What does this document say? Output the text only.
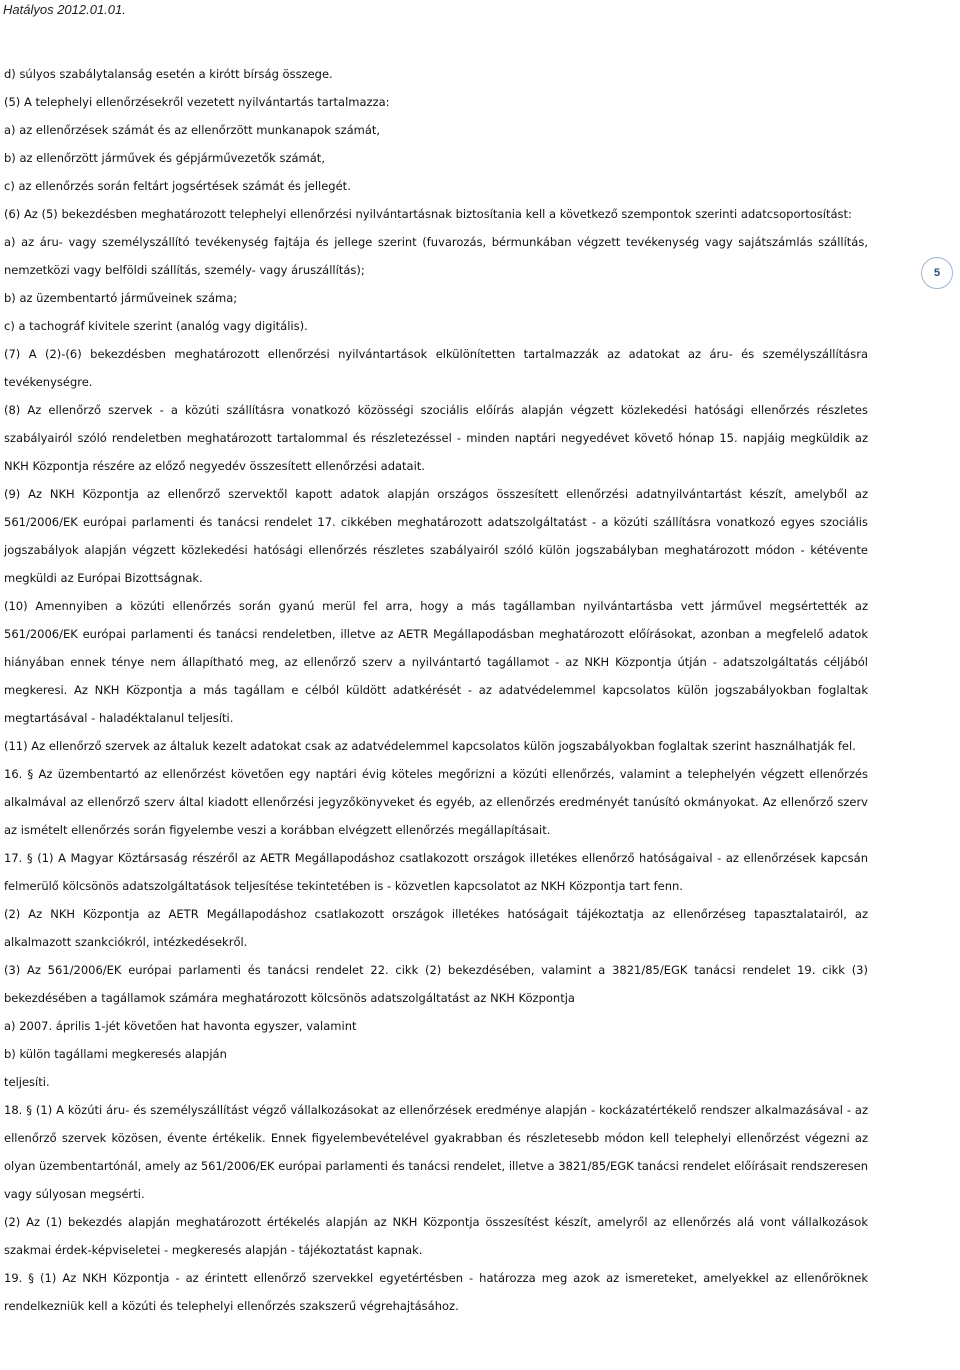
Hatályos 2012.01.01.
5

d) súlyos szabálytalanság esetén a kirótt bírság összege.

(5) A telephelyi ellenőrzésekről vezetett nyilvántartás tartalmazza:

a) az ellenőrzések számát és az ellenőrzött munkanapok számát,

b) az ellenőrzött járművek és gépjárművezetők számát,

c) az ellenőrzés során feltárt jogsértések számát és jellegét.

(6) Az (5) bekezdésben meghatározott telephelyi ellenőrzési nyilvántartásnak biztosítania kell a következő szempontok szerinti adatcsoportosítást:

a) az áru- vagy személyszállító tevékenység fajtája és jellege szerint (fuvarozás, bérmunkában végzett tevékenység vagy sajátszámlás szállítás, nemzetközi vagy belföldi szállítás, személy- vagy áruszállítás);

b) az üzembentartó járműveinek száma;

c) a tachográf kivitele szerint (analóg vagy digitális).

(7) A (2)-(6) bekezdésben meghatározott ellenőrzési nyilvántartások elkülönítetten tartalmazzák az adatokat az áru- és személyszállításra tevékenységre.

(8) Az ellenőrző szervek - a közúti szállításra vonatkozó közösségi szociális előírás alapján végzett közlekedési hatósági ellenőrzés részletes szabályairól szóló rendeletben meghatározott tartalommal és részletezéssel - minden naptári negyedévet követő hónap 15. napjáig megküldik az NKH Központja részére az előző negyedév összesített ellenőrzési adatait.

(9) Az NKH Központja az ellenőrző szervektől kapott adatok alapján országos összesített ellenőrzési adatnyilvántartást készít, amelyből az 561/2006/EK európai parlamenti és tanácsi rendelet 17. cikkében meghatározott adatszolgáltatást - a közúti szállításra vonatkozó egyes szociális jogszabályok alapján végzett közlekedési hatósági ellenőrzés részletes szabályairól szóló külön jogszabályban meghatározott módon - kétévente megküldi az Európai Bizottságnak.

(10) Amennyiben a közúti ellenőrzés során gyanú merül fel arra, hogy a más tagállamban nyilvántartásba vett járművel megsértették az 561/2006/EK európai parlamenti és tanácsi rendeletben, illetve az AETR Megállapodásban meghatározott előírásokat, azonban a megfelelő adatok hiányában ennek ténye nem állapítható meg, az ellenőrző szerv a nyilvántartó tagállamot - az NKH Központja útján - adatszolgáltatás céljából megkeresi. Az NKH Központja a más tagállam e célból küldött adatkérését - az adatvédelemmel kapcsolatos külön jogszabályokban foglaltak megtartásával - haladéktalanul teljesíti.

(11) Az ellenőrző szervek az általuk kezelt adatokat csak az adatvédelemmel kapcsolatos külön jogszabályokban foglaltak szerint használhatják fel.

16. § Az üzembentartó az ellenőrzést követően egy naptári évig köteles megőrizni a közúti ellenőrzés, valamint a telephelyén végzett ellenőrzés alkalmával az ellenőrző szerv által kiadott ellenőrzési jegyzőkönyveket és egyéb, az ellenőrzés eredményét tanúsító okmányokat. Az ellenőrző szerv az ismételt ellenőrzés során figyelembe veszi a korábban elvégzett ellenőrzés megállapításait.

17. § (1) A Magyar Köztársaság részéről az AETR Megállapodáshoz csatlakozott országok illetékes ellenőrző hatóságaival - az ellenőrzések kapcsán felmerülő kölcsönös adatszolgáltatások teljesítése tekintetében is - közvetlen kapcsolatot az NKH Központja tart fenn.

(2) Az NKH Központja az AETR Megállapodáshoz csatlakozott országok illetékes hatóságait tájékoztatja az ellenőrzéseg tapasztalatairól, az alkalmazott szankciókról, intézkedésekről.

(3) Az 561/2006/EK európai parlamenti és tanácsi rendelet 22. cikk (2) bekezdésében, valamint a 3821/85/EGK tanácsi rendelet 19. cikk (3) bekezdésében a tagállamok számára meghatározott kölcsönös adatszolgáltatást az NKH Központja

a) 2007. április 1-jét követően hat havonta egyszer, valamint

b) külön tagállami megkeresés alapján

teljesíti.

18. § (1) A közúti áru- és személyszállítást végző vállalkozásokat az ellenőrzések eredménye alapján - kockázatértékelő rendszer alkalmazásával - az ellenőrző szervek közösen, évente értékelik. Ennek figyelembevételével gyakrabban és részletesebb módon kell telephelyi ellenőrzést végezni az olyan üzembentartónál, amely az 561/2006/EK európai parlamenti és tanácsi rendelet, illetve a 3821/85/EGK tanácsi rendelet előírásait rendszeresen vagy súlyosan megsérti.

(2) Az (1) bekezdés alapján meghatározott értékelés alapján az NKH Központja összesítést készít, amelyről az ellenőrzés alá vont vállalkozások szakmai érdek-képviseletei - megkeresés alapján - tájékoztatást kapnak.

19. § (1) Az NKH Központja - az érintett ellenőrző szervekkel egyetértésben - határozza meg azok az ismereteket, amelyekkel az ellenőröknek rendelkezniük kell a közúti és telephelyi ellenőrzés szakszerű végrehajtásához.
